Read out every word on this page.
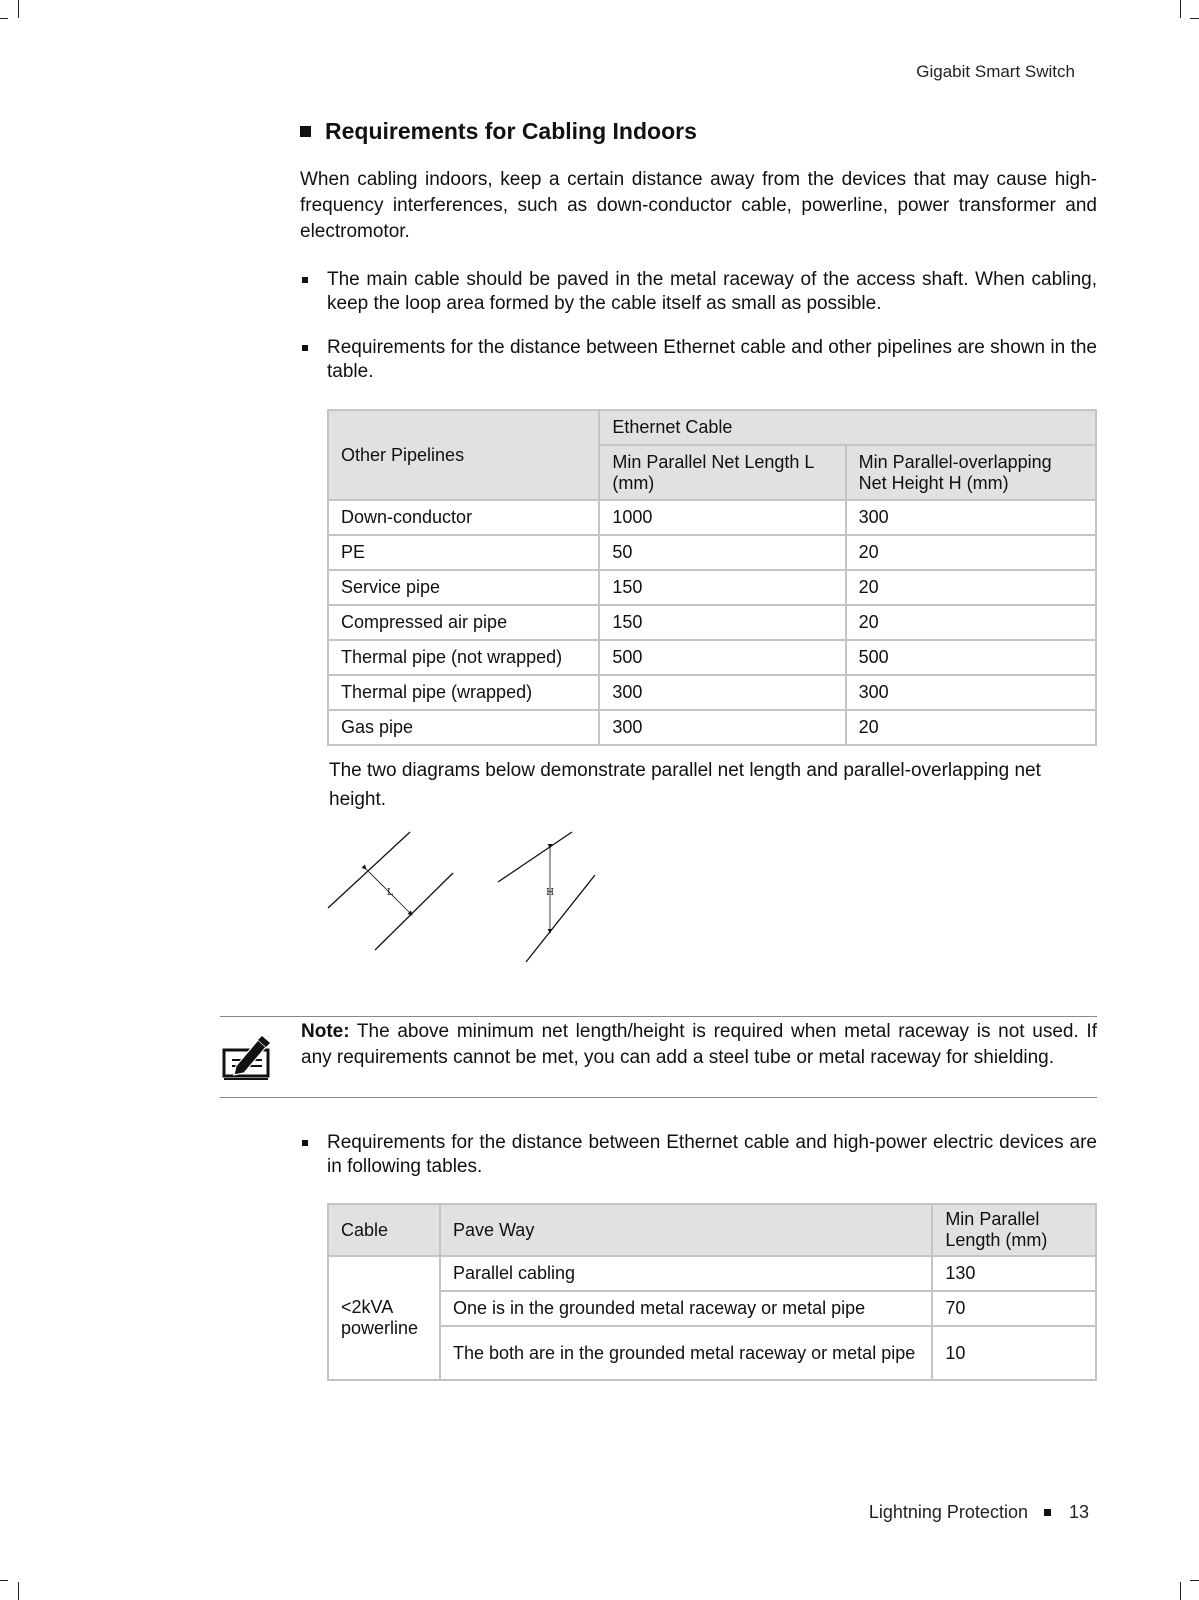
Gigabit Smart Switch
Requirements for Cabling Indoors
When cabling indoors, keep a certain distance away from the devices that may cause high-frequency interferences, such as down-conductor cable, powerline, power transformer and electromotor.
The main cable should be paved in the metal raceway of the access shaft. When cabling, keep the loop area formed by the cable itself as small as possible.
Requirements for the distance between Ethernet cable and other pipelines are shown in the table.
Other Pipelines	Ethernet Cable	
	Min Parallel Net Length L (mm)	Min Parallel-overlapping Net Height H (mm)
Down-conductor	1000	300
PE	50	20
Service pipe	150	20
Compressed air pipe	150	20
Thermal pipe (not wrapped)	500	500
Thermal pipe (wrapped)	300	300
Gas pipe	300	20
The two diagrams below demonstrate parallel net length and parallel-overlapping net height.
L	H
Note: The above minimum net length/height is required when metal raceway is not used. If any requirements cannot be met, you can add a steel tube or metal raceway for shielding.
Requirements for the distance between Ethernet cable and high-power electric devices are in following tables.
Cable	Pave Way	Min Parallel Length (mm)
<2kVA powerline	Parallel cabling	130
	One is in the grounded metal raceway or metal pipe	70
	The both are in the grounded metal raceway or metal pipe	10
Lightning Protection 13
